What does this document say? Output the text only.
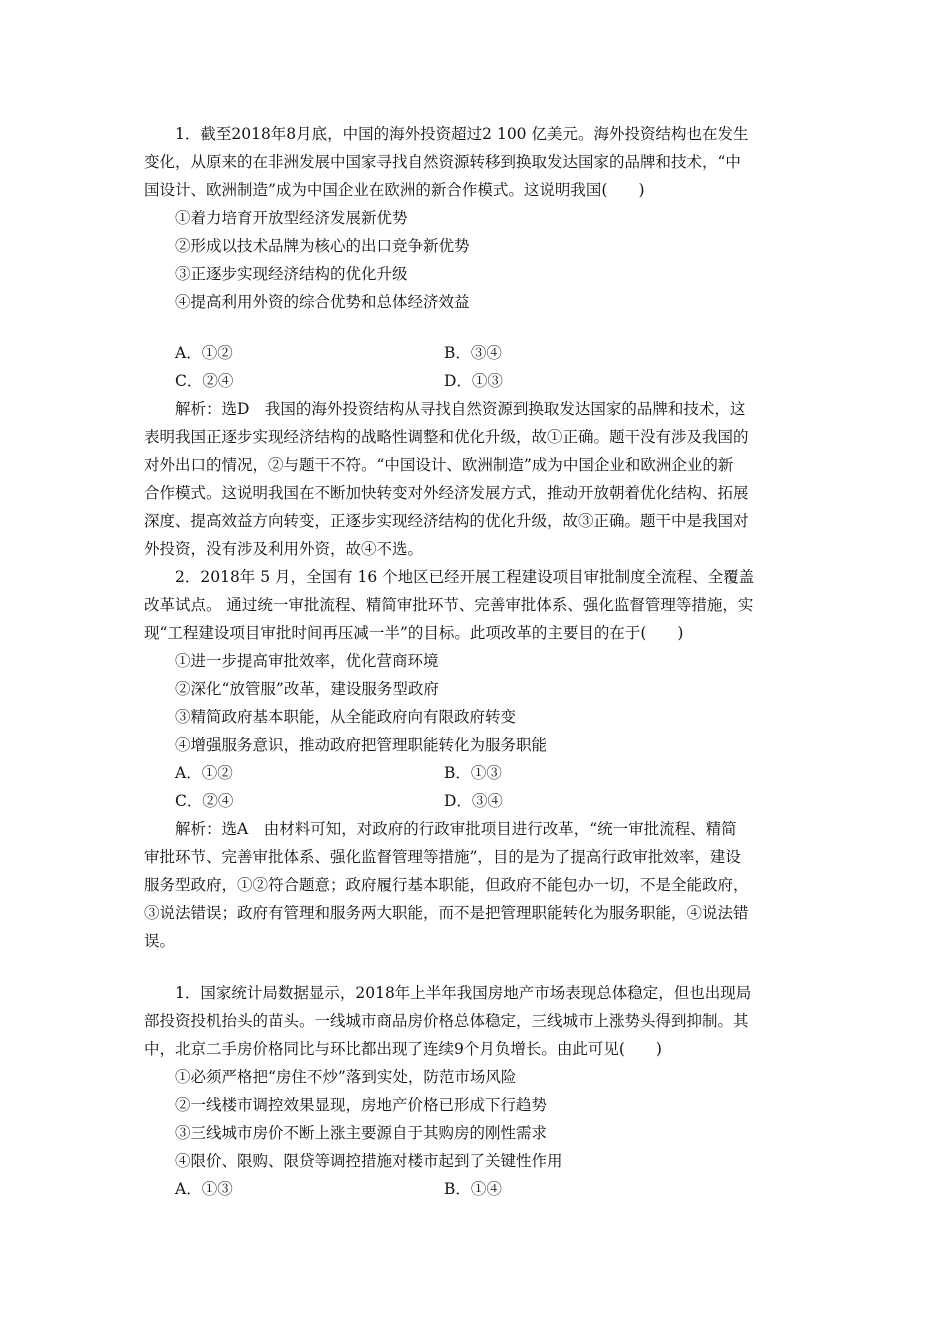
1．截至2018年8月底，中国的海外投资超过2 100 亿美元。海外投资结构也在发生
变化，从原来的在非洲发展中国家寻找自然资源转移到换取发达国家的品牌和技术，“中
国设计、欧洲制造”成为中国企业在欧洲的新合作模式。这说明我国(　　)
①着力培育开放型经济发展新优势
②形成以技术品牌为核心的出口竞争新优势
③正逐步实现经济结构的优化升级
④提高利用外资的综合优势和总体经济效益
A．①②	B．③④
C．②④	D．①③
解析：选D　我国的海外投资结构从寻找自然资源到换取发达国家的品牌和技术，这
表明我国正逐步实现经济结构的战略性调整和优化升级，故①正确。题干没有涉及我国的
对外出口的情况，②与题干不符。“中国设计、欧洲制造”成为中国企业和欧洲企业的新
合作模式。这说明我国在不断加快转变对外经济发展方式，推动开放朝着优化结构、拓展
深度、提高效益方向转变，正逐步实现经济结构的优化升级，故③正确。题干中是我国对
外投资，没有涉及利用外资，故④不选。
2．2018年 5 月，全国有 16 个地区已经开展工程建设项目审批制度全流程、全覆盖
改革试点。 通过统一审批流程、精简审批环节、完善审批体系、强化监督管理等措施，实
现“工程建设项目审批时间再压减一半”的目标。此项改革的主要目的在于(　　)
①进一步提高审批效率，优化营商环境
②深化“放管服”改革，建设服务型政府
③精简政府基本职能，从全能政府向有限政府转变
④增强服务意识，推动政府把管理职能转化为服务职能
A．①②	B．①③
C．②④	D．③④
解析：选A　由材料可知，对政府的行政审批项目进行改革，“统一审批流程、精简
审批环节、完善审批体系、强化监督管理等措施”，目的是为了提高行政审批效率，建设
服务型政府，①②符合题意；政府履行基本职能，但政府不能包办一切，不是全能政府，
③说法错误；政府有管理和服务两大职能，而不是把管理职能转化为服务职能，④说法错
误。
1．国家统计局数据显示，2018年上半年我国房地产市场表现总体稳定，但也出现局
部投资投机抬头的苗头。一线城市商品房价格总体稳定，三线城市上涨势头得到抑制。其
中，北京二手房价格同比与环比都出现了连续9个月负增长。由此可见(　　)
①必须严格把“房住不炒”落到实处，防范市场风险
②一线楼市调控效果显现，房地产价格已形成下行趋势
③三线城市房价不断上涨主要源自于其购房的刚性需求
④限价、限购、限贷等调控措施对楼市起到了关键性作用
A．①③	B．①④
